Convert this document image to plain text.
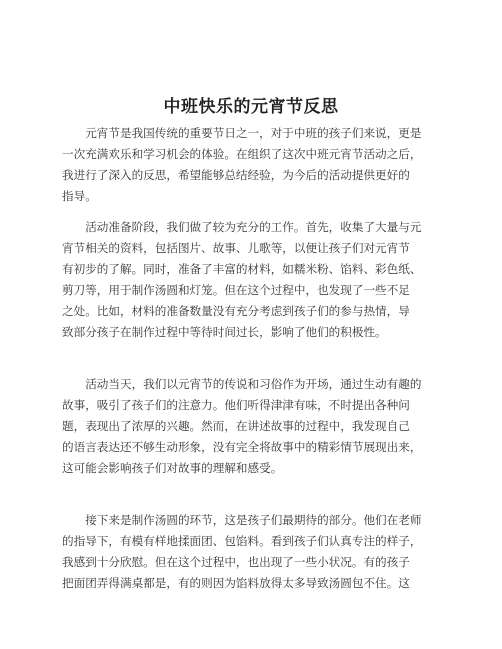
中班快乐的元宵节反思
　　元宵节是我国传统的重要节日之一，对于中班的孩子们来说，更是
一次充满欢乐和学习机会的体验。在组织了这次中班元宵节活动之后，
我进行了深入的反思，希望能够总结经验，为今后的活动提供更好的
指导。
　　活动准备阶段，我们做了较为充分的工作。首先，收集了大量与元
宵节相关的资料，包括图片、故事、儿歌等，以便让孩子们对元宵节
有初步的了解。同时，准备了丰富的材料，如糯米粉、馅料、彩色纸、
剪刀等，用于制作汤圆和灯笼。但在这个过程中，也发现了一些不足
之处。比如，材料的准备数量没有充分考虑到孩子们的参与热情，导
致部分孩子在制作过程中等待时间过长，影响了他们的积极性。
　　活动当天，我们以元宵节的传说和习俗作为开场，通过生动有趣的
故事，吸引了孩子们的注意力。他们听得津津有味，不时提出各种问
题，表现出了浓厚的兴趣。然而，在讲述故事的过程中，我发现自己
的语言表达还不够生动形象，没有完全将故事中的精彩情节展现出来，
这可能会影响孩子们对故事的理解和感受。
　　接下来是制作汤圆的环节，这是孩子们最期待的部分。他们在老师
的指导下，有模有样地揉面团、包馅料。看到孩子们认真专注的样子，
我感到十分欣慰。但在这个过程中，也出现了一些小状况。有的孩子
把面团弄得满桌都是，有的则因为馅料放得太多导致汤圆包不住。这
